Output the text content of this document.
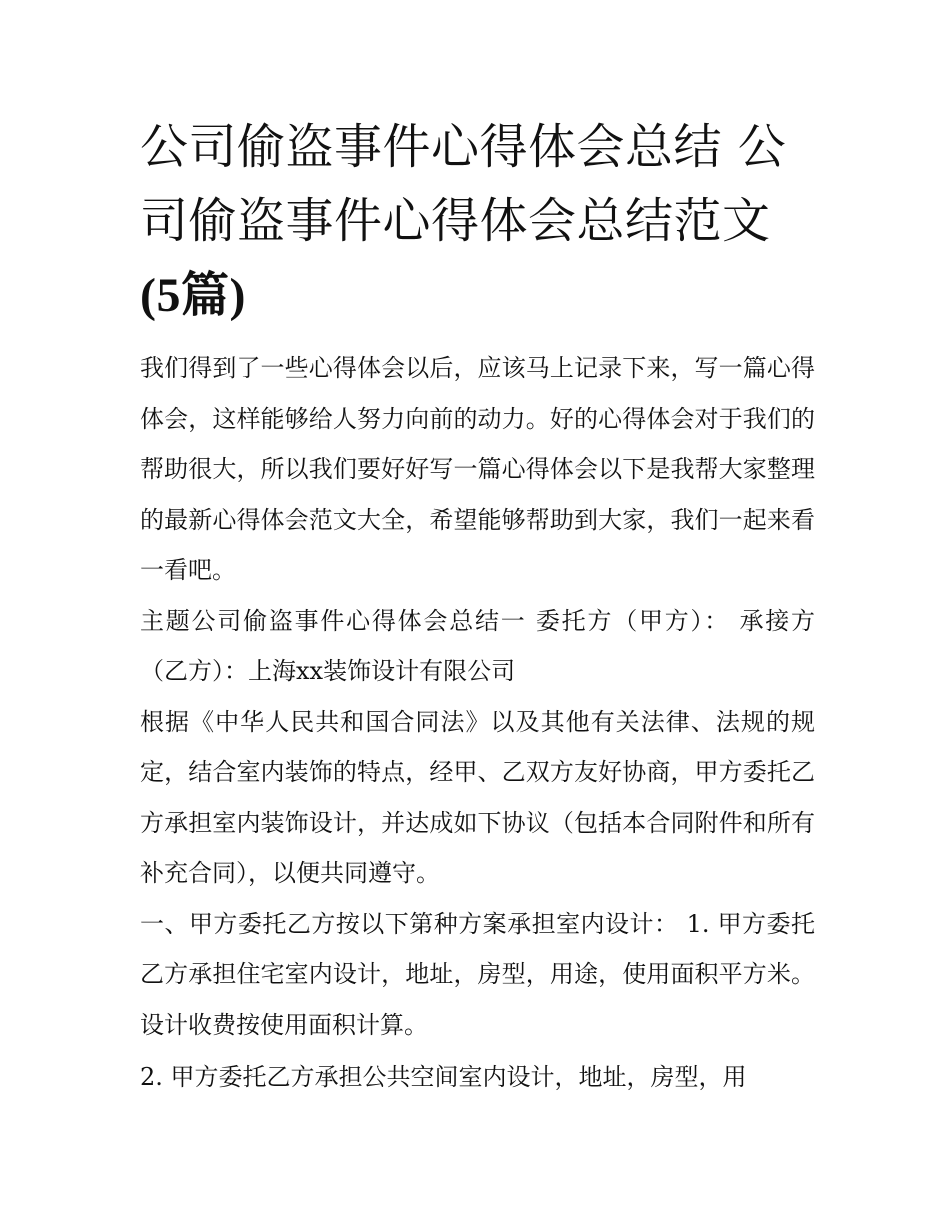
公司偷盗事件心得体会总结 公司偷盗事件心得体会总结范文
(5篇)

我们得到了一些心得体会以后，应该马上记录下来，写一篇心得体会，这样能够给人努力向前的动力。好的心得体会对于我们的帮助很大，所以我们要好好写一篇心得体会以下是我帮大家整理的最新心得体会范文大全，希望能够帮助到大家，我们一起来看一看吧。

主题公司偷盗事件心得体会总结一 委托方（甲方）： 承接方（乙方）：上海xx装饰设计有限公司

根据《中华人民共和国合同法》以及其他有关法律、法规的规定，结合室内装饰的特点，经甲、乙双方友好协商，甲方委托乙方承担室内装饰设计，并达成如下协议（包括本合同附件和所有补充合同），以便共同遵守。

一、甲方委托乙方按以下第种方案承担室内设计： 1. 甲方委托乙方承担住宅室内设计，地址，房型，用途，使用面积平方米。设计收费按使用面积计算。

2. 甲方委托乙方承担公共空间室内设计，地址，房型，用
